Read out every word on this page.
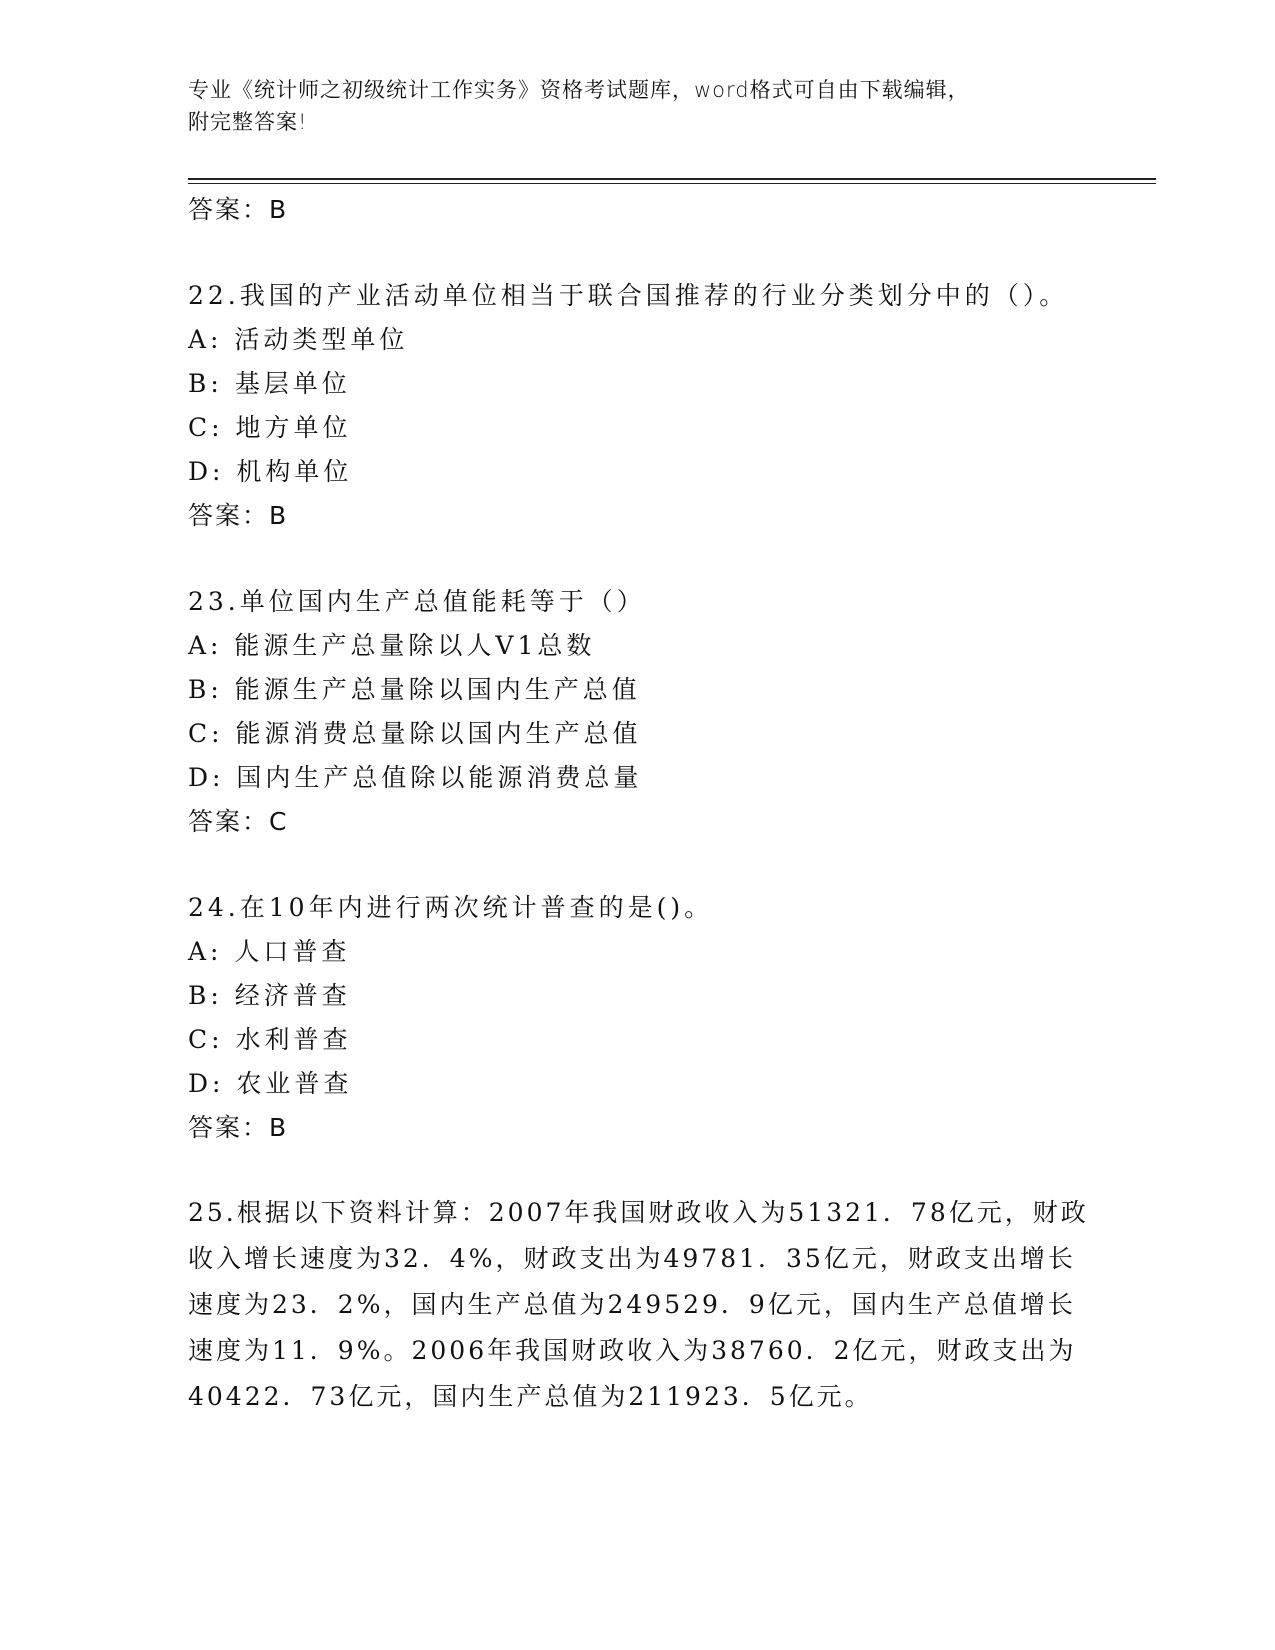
专业《统计师之初级统计工作实务》资格考试题库，word格式可自由下载编辑，
附完整答案!
答案：B
22.我国的产业活动单位相当于联合国推荐的行业分类划分中的（）。
A: 活动类型单位
B: 基层单位
C: 地方单位
D: 机构单位
答案：B
23.单位国内生产总值能耗等于（）
A: 能源生产总量除以人V1总数
B: 能源生产总量除以国内生产总值
C: 能源消费总量除以国内生产总值
D: 国内生产总值除以能源消费总量
答案：C
24.在10年内进行两次统计普查的是()。
A: 人口普查
B: 经济普查
C: 水利普查
D: 农业普查
答案：B
25.根据以下资料计算：2007年我国财政收入为51321．78亿元，财政
收入增长速度为32．4%，财政支出为49781．35亿元，财政支出增长
速度为23．2%，国内生产总值为249529．9亿元，国内生产总值增长
速度为11．9%。2006年我国财政收入为38760．2亿元，财政支出为
40422．73亿元，国内生产总值为211923．5亿元。
